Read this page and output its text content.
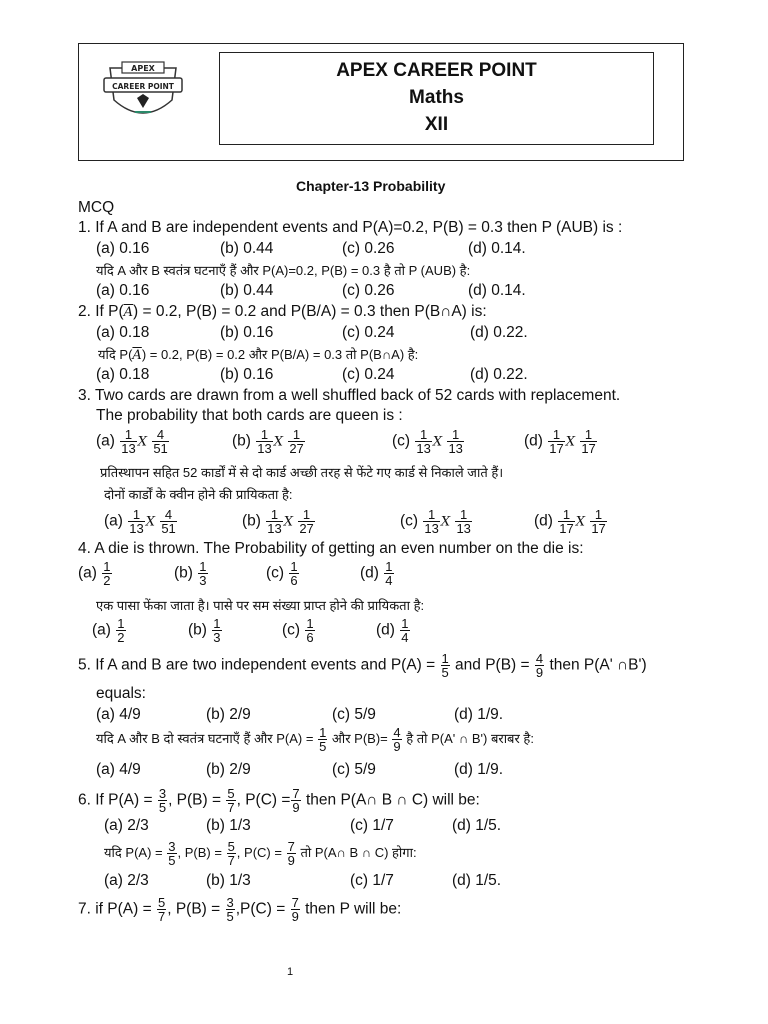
APEX
CAREER POINT
APEX CAREER POINT
Maths
XII
Chapter-13 Probability
MCQ
1. If A and B are independent events and P(A)=0.2, P(B) = 0.3 then P (AUB) is :
(a) 0.16	(b) 0.44	(c) 0.26	(d) 0.14.
यदि A और B स्वतंत्र घटनाएँ हैं और P(A)=0.2, P(B) = 0.3 है तो P (AUB) है:
(a) 0.16	(b) 0.44	(c) 0.26	(d) 0.14.
2. If $P(\overline{A}) = 0.2$, P(B) = 0.2 and P(B/A) = 0.3 then P(B∩A) is:
(a) 0.18	(b) 0.16	(c) 0.24	(d) 0.22.
यदि $P(\overline{A}) = 0.2$, P(B) = 0.2 और P(B/A) = 0.3 तो P(B∩A) है:
(a) 0.18	(b) 0.16	(c) 0.24	(d) 0.22.
3. Two cards are drawn from a well shuffled back of 52 cards with replacement.
The probability that both cards are queen is :
$(a) \frac{1}{13}$ X $\frac{4}{51}$	$(b) \frac{1}{13}$ X $\frac{1}{27}$	$(c) \frac{1}{13}$ X $\frac{1}{13}$	$(d) \frac{1}{17}$ X $\frac{1}{17}$
प्रतिस्थापन सहित 52 कार्डों में से दो कार्ड अच्छी तरह से फेंटे गए कार्ड से निकाले जाते हैं।
दोनों कार्डों के क्वीन होने की प्रायिकता है:
$(a) \frac{1}{13}$ X $\frac{4}{51}$	$(b) \frac{1}{13}$ X $\frac{1}{27}$	$(c) \frac{1}{13}$ X $\frac{1}{13}$	$(d) \frac{1}{17}$ X $\frac{1}{17}$
4. A die is thrown. The Probability of getting an even number on the die is:
$(a) \frac{1}{2}$	$(b) \frac{1}{3}$	$(c) \frac{1}{6}$	$(d) \frac{1}{4}$
एक पासा फेंका जाता है। पासे पर सम संख्या प्राप्त होने की प्रायिकता है:
$(a) \frac{1}{2}$	$(b) \frac{1}{3}$	$(c) \frac{1}{6}$	$(d) \frac{1}{4}$
5. If A and B are two independent events and $P(A) = \frac{1}{5}$ and $P(B) = \frac{4}{9}$ then P(A' ∩B')
equals:
(a) 4/9	(b) 2/9	(c) 5/9	(d) 1/9.
यदि A और B दो स्वतंत्र घटनाएँ हैं और $P(A) = \frac{1}{5}$ और $P(B)= \frac{4}{9}$ है तो P(A' ∩ B') बराबर है:
(a) 4/9	(b) 2/9	(c) 5/9	(d) 1/9.
6. If $P(A) = \frac{3}{5}$ , $P(B) = \frac{5}{7}$ , $P(C) = \frac{7}{9}$ then P(A∩ B ∩ C) will be:
(a) 2/3	(b) 1/3	(c) 1/7	(d) 1/5.
यदि $P(A) = \frac{3}{5}$ , $P(B) = \frac{5}{7}$ , $P(C) = \frac{7}{9}$ तो P(A∩ B ∩ C) होगा:
(a) 2/3	(b) 1/3	(c) 1/7	(d) 1/5.
7. if $P(A) = \frac{5}{7}$ , $P(B) = \frac{3}{5} ,P(C) = \frac{7}{9}$ then P will be:
1
